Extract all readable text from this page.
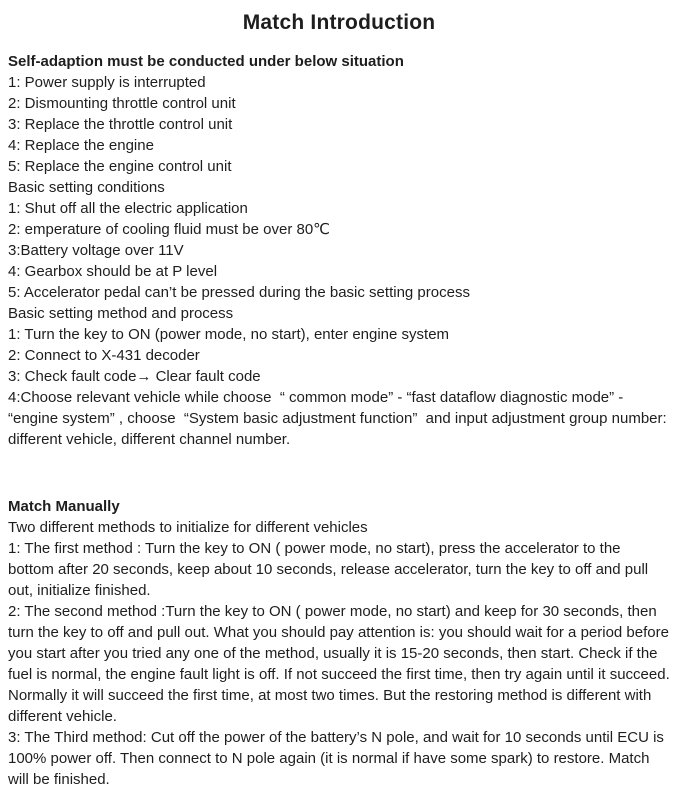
Match Introduction
Self-adaption must be conducted under below situation
1: Power supply is interrupted
2: Dismounting throttle control unit
3: Replace the throttle control unit
4: Replace the engine
5: Replace the engine control unit
Basic setting conditions
1: Shut off all the electric application
2: emperature of cooling fluid must be over 80℃
3:Battery voltage over 11V
4: Gearbox should be at P level
5: Accelerator pedal can’t be pressed during the basic setting process
Basic setting method and process
1: Turn the key to ON (power mode, no start), enter engine system
2: Connect to X-431 decoder
3: Check fault code→ Clear fault code
4:Choose relevant vehicle while choose  “ common mode” - “fast dataflow diagnostic mode” - “engine system” , choose  “System basic adjustment function”  and input adjustment group number: different vehicle, different channel number.
Match Manually
Two different methods to initialize for different vehicles
1: The first method : Turn the key to ON ( power mode, no start), press the accelerator to the bottom after 20 seconds, keep about 10 seconds, release accelerator, turn the key to off and pull out, initialize finished.
2: The second method :Turn the key to ON ( power mode, no start) and keep for 30 seconds, then turn the key to off and pull out. What you should pay attention is: you should wait for a period before you start after you tried any one of the method, usually it is 15-20 seconds, then start. Check if the fuel is normal, the engine fault light is off. If not succeed the first time, then try again until it succeed. Normally it will succeed the first time, at most two times. But the restoring method is different with different vehicle.
3: The Third method: Cut off the power of the battery’s N pole, and wait for 10 seconds until ECU is 100% power off. Then connect to N pole again (it is normal if have some spark) to restore. Match will be finished.
